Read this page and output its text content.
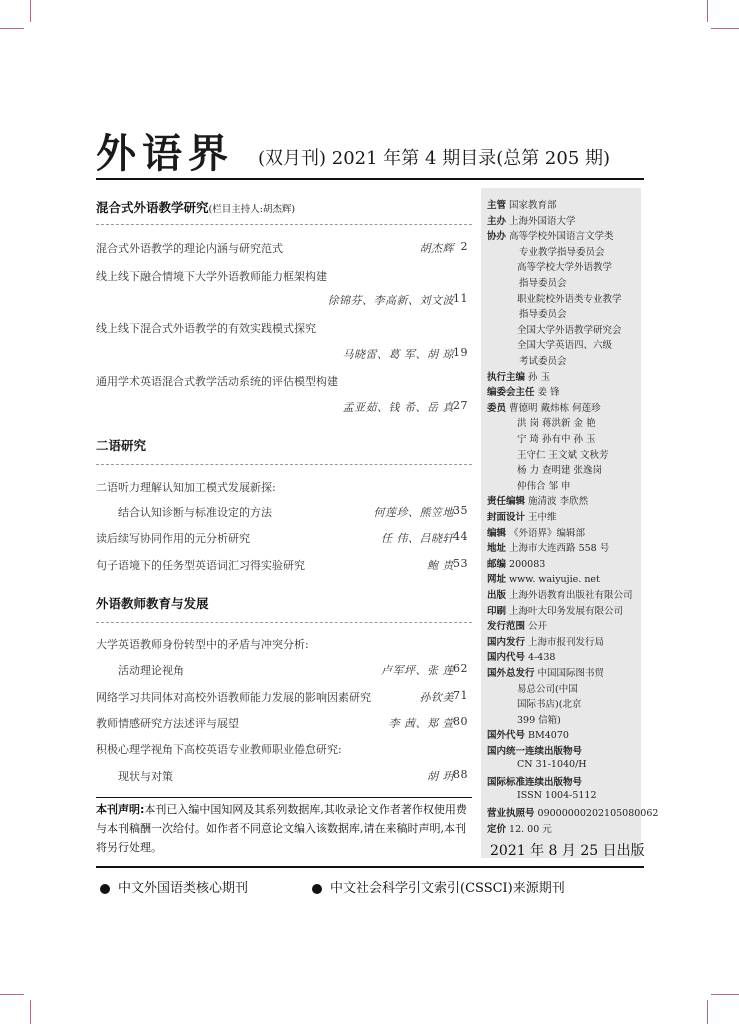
外语界 (双月刊) 2021 年第 4 期目录(总第 205 期)
混合式外语教学研究(栏目主持人:胡杰辉)
混合式外语教学的理论内涵与研究范式	胡杰辉 2
线上线下融合情境下大学外语教师能力框架构建
徐锦芬、李高新、刘文波 11
线上线下混合式外语教学的有效实践模式探究
马晓雷、葛 军、胡 琼 19
通用学术英语混合式教学活动系统的评估模型构建
孟亚茹、钱 希、岳 真 27
二语研究
二语听力理解认知加工模式发展新探:
结合认知诊断与标准设定的方法	何莲珍、熊笠地 35
读后续写协同作用的元分析研究	任 伟、吕晓轩 44
句子语境下的任务型英语词汇习得实验研究	鲍 贵 53
外语教师教育与发展
大学英语教师身份转型中的矛盾与冲突分析:
活动理论视角	卢军坪、张 莲 62
网络学习共同体对高校外语教师能力发展的影响因素研究	孙钦美 71
教师情感研究方法述评与展望	李 茜、郑 萱 80
积极心理学视角下高校英语专业教师职业倦怠研究:
现状与对策	胡 玥 88
本刊声明:本刊已入编中国知网及其系列数据库,其收录论文作者著作权使用费与本刊稿酬一次给付。如作者不同意论文编入该数据库,请在来稿时声明,本刊将另行处理。
主管 国家教育部
主办 上海外国语大学
协办 高等学校外国语言文学类
专业教学指导委员会
高等学校大学外语教学
指导委员会
职业院校外语类专业教学
指导委员会
全国大学外语教学研究会
全国大学英语四、六级
考试委员会
执行主编 孙 玉
编委会主任 姜 锋
委员 曹德明 戴炜栋 何莲珍
洪 岗 蒋洪新 金 艳
宁 琦 孙有中 孙 玉
王守仁 王文斌 文秋芳
杨 力 查明建 张逸岗
仲伟合 邹 申
责任编辑 施清波 李欣然
封面设计 王中维
编辑 《外语界》编辑部
地址 上海市大连西路 558 号
邮编 200083
网址 www. waiyujie. net
出版 上海外语教育出版社有限公司
印刷 上海叶大印务发展有限公司
发行范围 公开
国内发行 上海市报刊发行局
国内代号 4-438
国外总发行 中国国际图书贸
易总公司(中国
国际书店)(北京
399 信箱)
国外代号 BM4070
国内统一连续出版物号
CN 31-1040/H
国际标准连续出版物号
ISSN 1004-5112
营业执照号 09000000202105080062
定价 12. 00 元
2021 年 8 月 25 日出版
中文外国语类核心期刊	中文社会科学引文索引(CSSCI)来源期刊
